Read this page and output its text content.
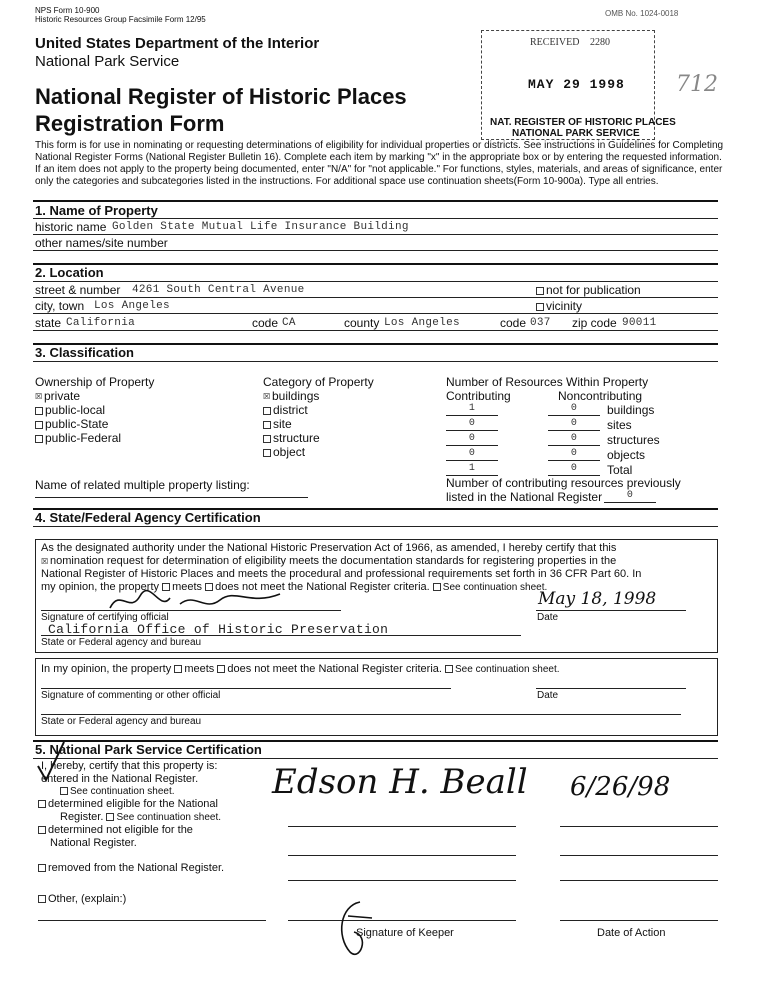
NPS Form 10-900
Historic Resources Group Facsimile Form 12/95
OMB No. 1024-0018
United States Department of the Interior
National Park Service
National Register of Historic Places
Registration Form
RECEIVED 2280
MAY 29 1998
NAT. REGISTER OF HISTORIC PLACES
NATIONAL PARK SERVICE
712
This form is for use in nominating or requesting determinations of eligibility for individual properties or districts. See instructions in Guidelines for Completing National Register Forms (National Register Bulletin 16). Complete each item by marking "x" in the appropriate box or by entering the requested information. If an item does not apply to the property being documented, enter "N/A" for "not applicable." For functions, styles, materials, and areas of significance, enter only the categories and subcategories listed in the instructions. For additional space use continuation sheets(Form 10-900a). Type all entries.
1. Name of Property
historic name Golden State Mutual Life Insurance Building
other names/site number
2. Location
street & number 4261 South Central Avenue	not for publication
city, town Los Angeles	vicinity
state California	code CA	county Los Angeles	code 037 zip code 90011
3. Classification
Ownership of Property
☒ private
public-local
public-State
public-Federal
Category of Property
☒ buildings
district
site
structure
object
Number of Resources Within Property
Contributing	Noncontributing
1	0	buildings
0	0	sites
0	0	structures
0	0	objects
1	0	Total
Name of related multiple property listing:	Number of contributing resources previously
listed in the National Register	0
4. State/Federal Agency Certification
As the designated authority under the National Historic Preservation Act of 1966, as amended, I hereby certify that this
☒ nomination request for determination of eligibility meets the documentation standards for registering properties in the
National Register of Historic Places and meets the procedural and professional requirements set forth in 36 CFR Part 60. In
my opinion, the property meets does not meet the National Register criteria. See continuation sheet.
May 18, 1998
Signature of certifying official	Date
California Office of Historic Preservation
State or Federal agency and bureau
In my opinion, the property meets does not meet the National Register criteria. See continuation sheet.
Signature of commenting or other official	Date
State or Federal agency and bureau
5. National Park Service Certification
I, hereby, certify that this property is:
entered in the National Register.
See continuation sheet.
determined eligible for the National
Register. See continuation sheet.
determined not eligible for the
National Register.
removed from the National Register.
Other, (explain:)
Edson H. Beall 6/26/98
Signature of Keeper	Date of Action
